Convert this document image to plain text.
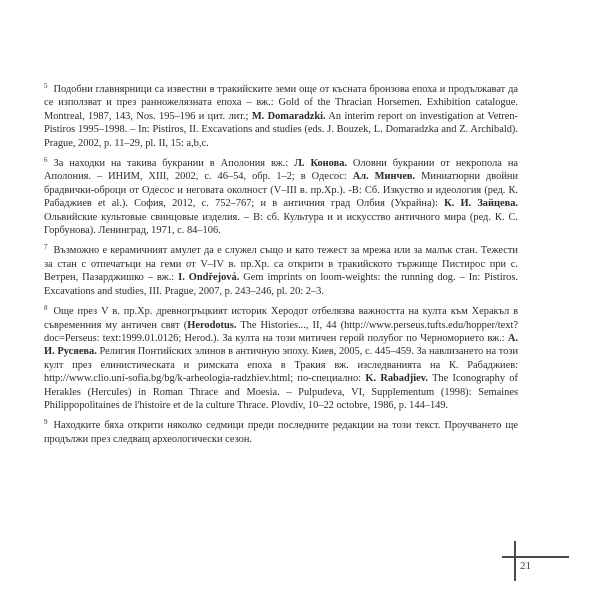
$^5$ Подобни главнярници са известни в тракийските земи още от късната бронзова епоха и продължават да се използват и през ранножелязната епоха – вж.: Gold of the Thracian Horsemen. Exhibition catalogue. Montreal, 1987, 143, Nos. 195–196 и цит. лит.; M. Domaradzki. An interim report on investigation at Vetren-Pistiros 1995–1998. – In: Pistiros, II. Excavations and studies (eds. J. Bouzek, L. Domaradzka and Z. Archibald). Prague, 2002, p. 11–29, pl. II, 15: a,b,c.

$^6$ За находки на такива букрании в Аполония вж.: Л. Конова. Оловни букрании от некропола на Аполония. – ИНИМ, XIII, 2002, с. 46–54, обр. 1–2; в Одесос: Ал. Минчев. Миниатюрни двойни брадвички-оброци от Одесос и неговата околност (V–III в. пр.Хр.). -В: Сб. Изкуство и идеология (ред. К. Рабаджиев et al.). София, 2012, с. 752–767; и в античния град Олбия (Украйна): К. И. Зайцева. Ольвийские культовые свинцовые изделия. – В: сб. Культура и и искусство античного мира (ред. К. С. Горбунова). Ленинград, 1971, с. 84–106.

$^7$ Възможно е керамичният амулет да е служел също и като тежест за мрежа или за малък стан. Тежести за стан с отпечатъци на геми от V–IV в. пр.Хр. са открити в тракийското тържище Пистирос при с. Ветрен, Пазарджишко – вж.: I. Ondřejová. Gem imprints on loom-weights: the running dog. – In: Pistiros. Excavations and studies, III. Prague, 2007, p. 243–246, pl. 20: 2–3.

$^8$ Още през V в. пр.Хр. древногръцкият историк Херодот отбелязва важността на култа към Херакъл в съвременния му античен свят (Herodotus. The Histories..., II, 44 (http://www.perseus.tufts.edu/hopper/text?doc=Perseus: text:1999.01.0126; Herod.). За култа на този митичен герой полубог по Черноморието вж.: А. И. Русяева. Религия Понтийских элинов в античную эпоху. Киев, 2005, с. 445–459. За навлизането на този култ през елинистическата и римската епоха в Тракия вж. изследванията на К. Рабаджиев: http://www.clio.uni-sofia.bg/bg/k-arheologia-radzhiev.html; по-специално: K. Rabadjiev. The Iconography of Herakles (Hercules) in Roman Thrace and Moesia. – Pulpudeva, VI, Supplementum (1998): Semaines Philippopolitaines de l'histoire et de la culture Thrace. Plovdiv, 10–22 octobre, 1986, p. 144–149.

$^9$ Находките бяха открити няколко седмици преди последните редакции на този текст. Проучването ще продължи през следващ археологически сезон.

21
